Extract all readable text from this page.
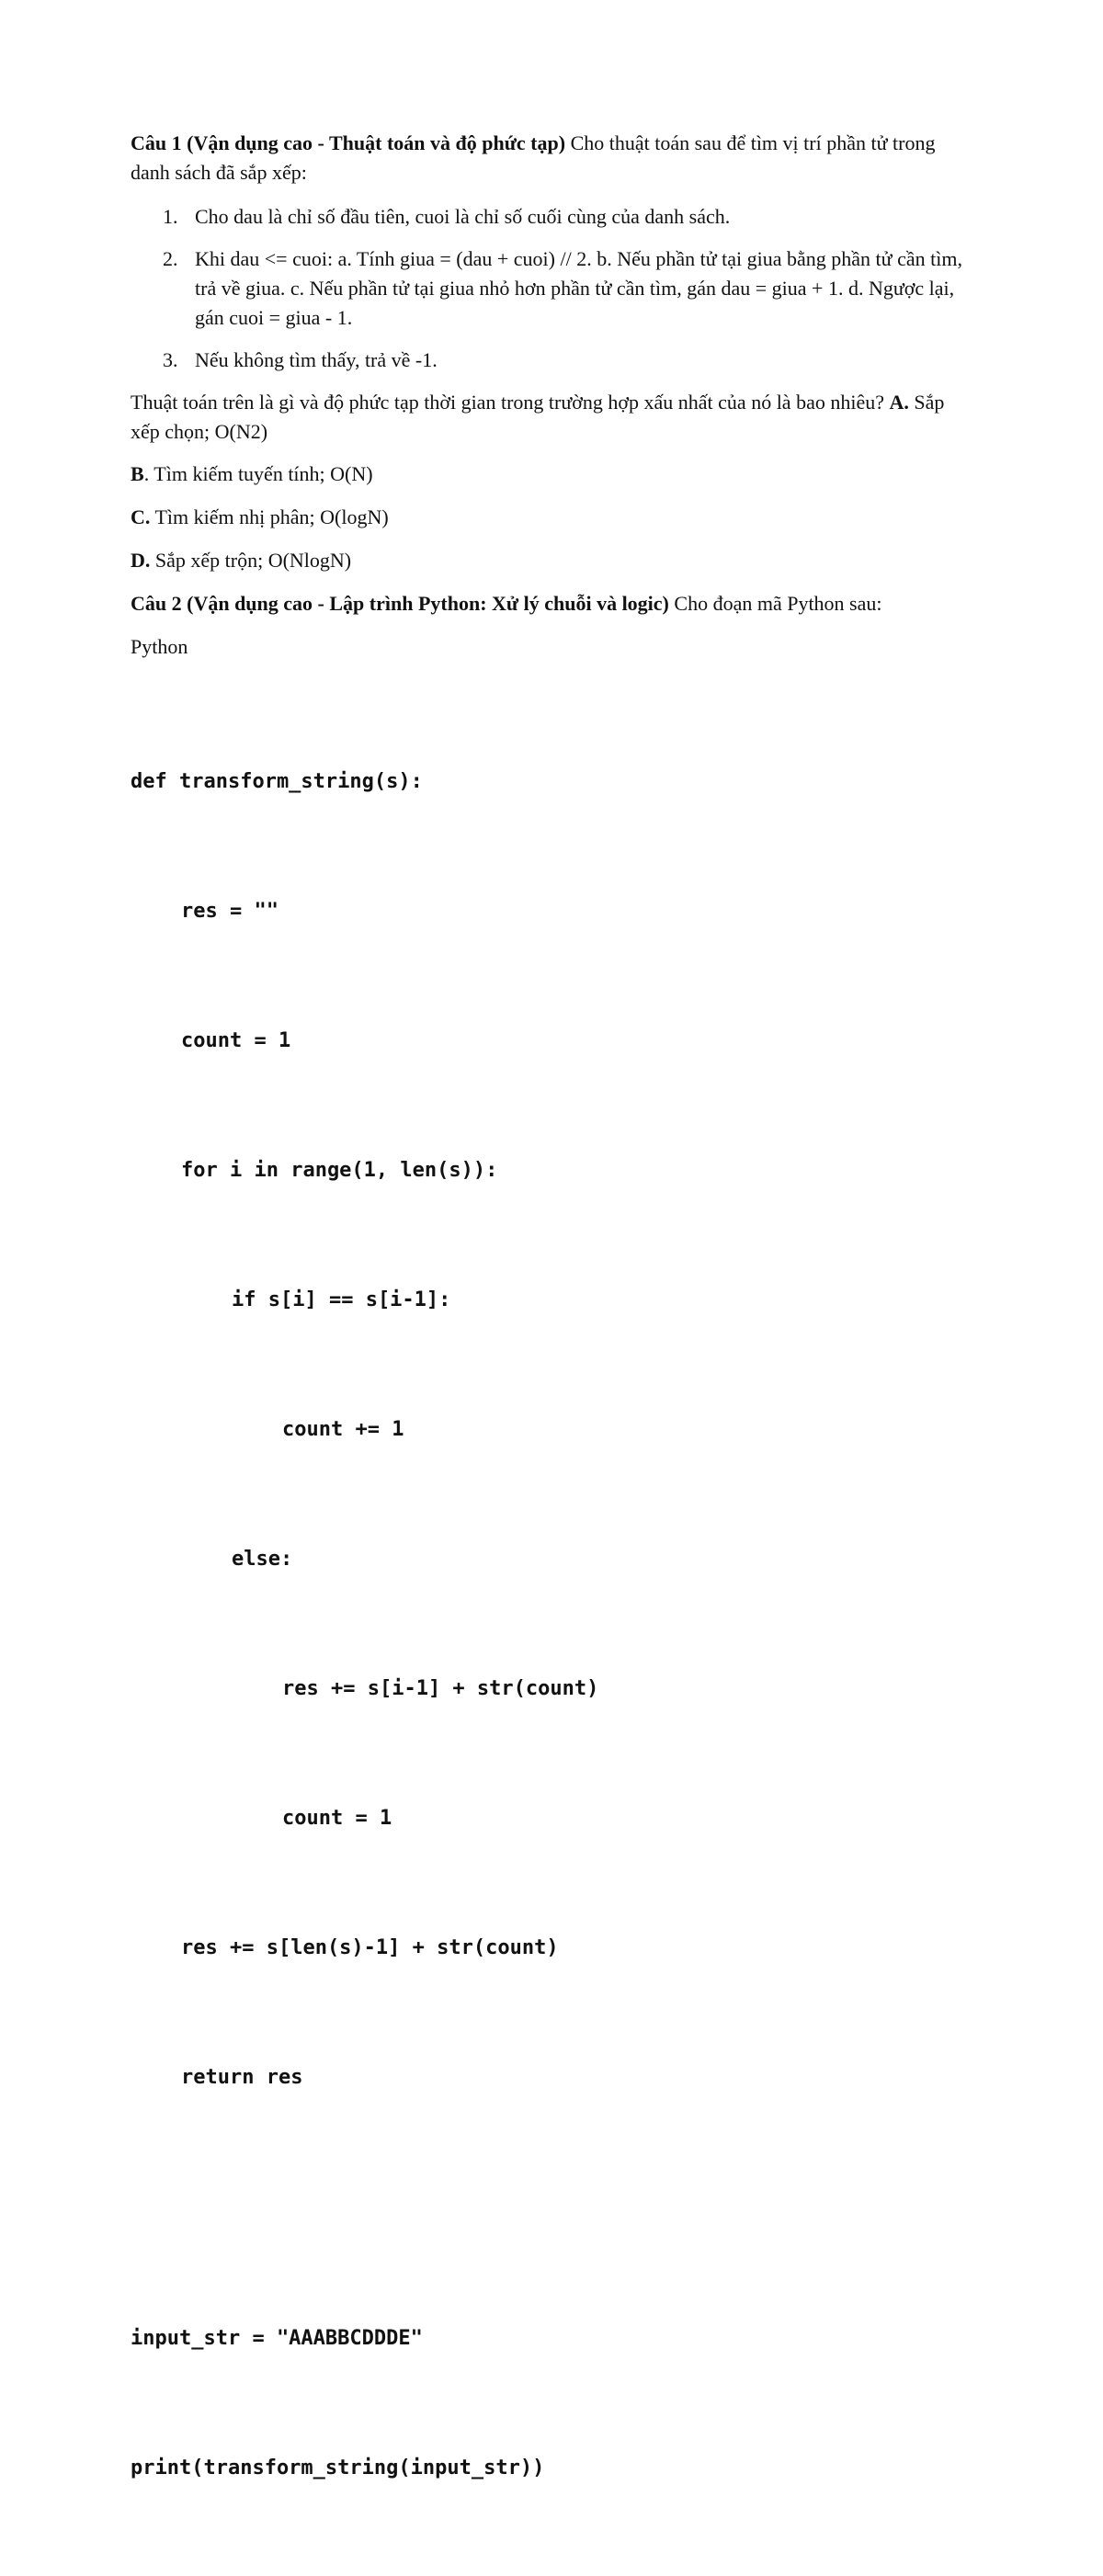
Câu 1 (Vận dụng cao - Thuật toán và độ phức tạp) Cho thuật toán sau để tìm vị trí phần tử trong danh sách đã sắp xếp:

1. Cho dau là chỉ số đầu tiên, cuoi là chỉ số cuối cùng của danh sách.
2. Khi dau <= cuoi: a. Tính giua = (dau + cuoi) // 2. b. Nếu phần tử tại giua bằng phần tử cần tìm, trả về giua. c. Nếu phần tử tại giua nhỏ hơn phần tử cần tìm, gán dau = giua + 1. d. Ngược lại, gán cuoi = giua - 1.
3. Nếu không tìm thấy, trả về -1.

Thuật toán trên là gì và độ phức tạp thời gian trong trường hợp xấu nhất của nó là bao nhiêu? A. Sắp xếp chọn; O(N2)

B. Tìm kiếm tuyến tính; O(N)

C. Tìm kiếm nhị phân; O(logN)

D. Sắp xếp trộn; O(NlogN)

Câu 2 (Vận dụng cao - Lập trình Python: Xử lý chuỗi và logic) Cho đoạn mã Python sau:

Python

def transform_string(s):

res = ""

count = 1

for i in range(1, len(s)):

if s[i] == s[i-1]:

count += 1

else:

res += s[i-1] + str(count)

count = 1

res += s[len(s)-1] + str(count)

return res

input_str = "AAABBCDDDE"

print(transform_string(input_str))
